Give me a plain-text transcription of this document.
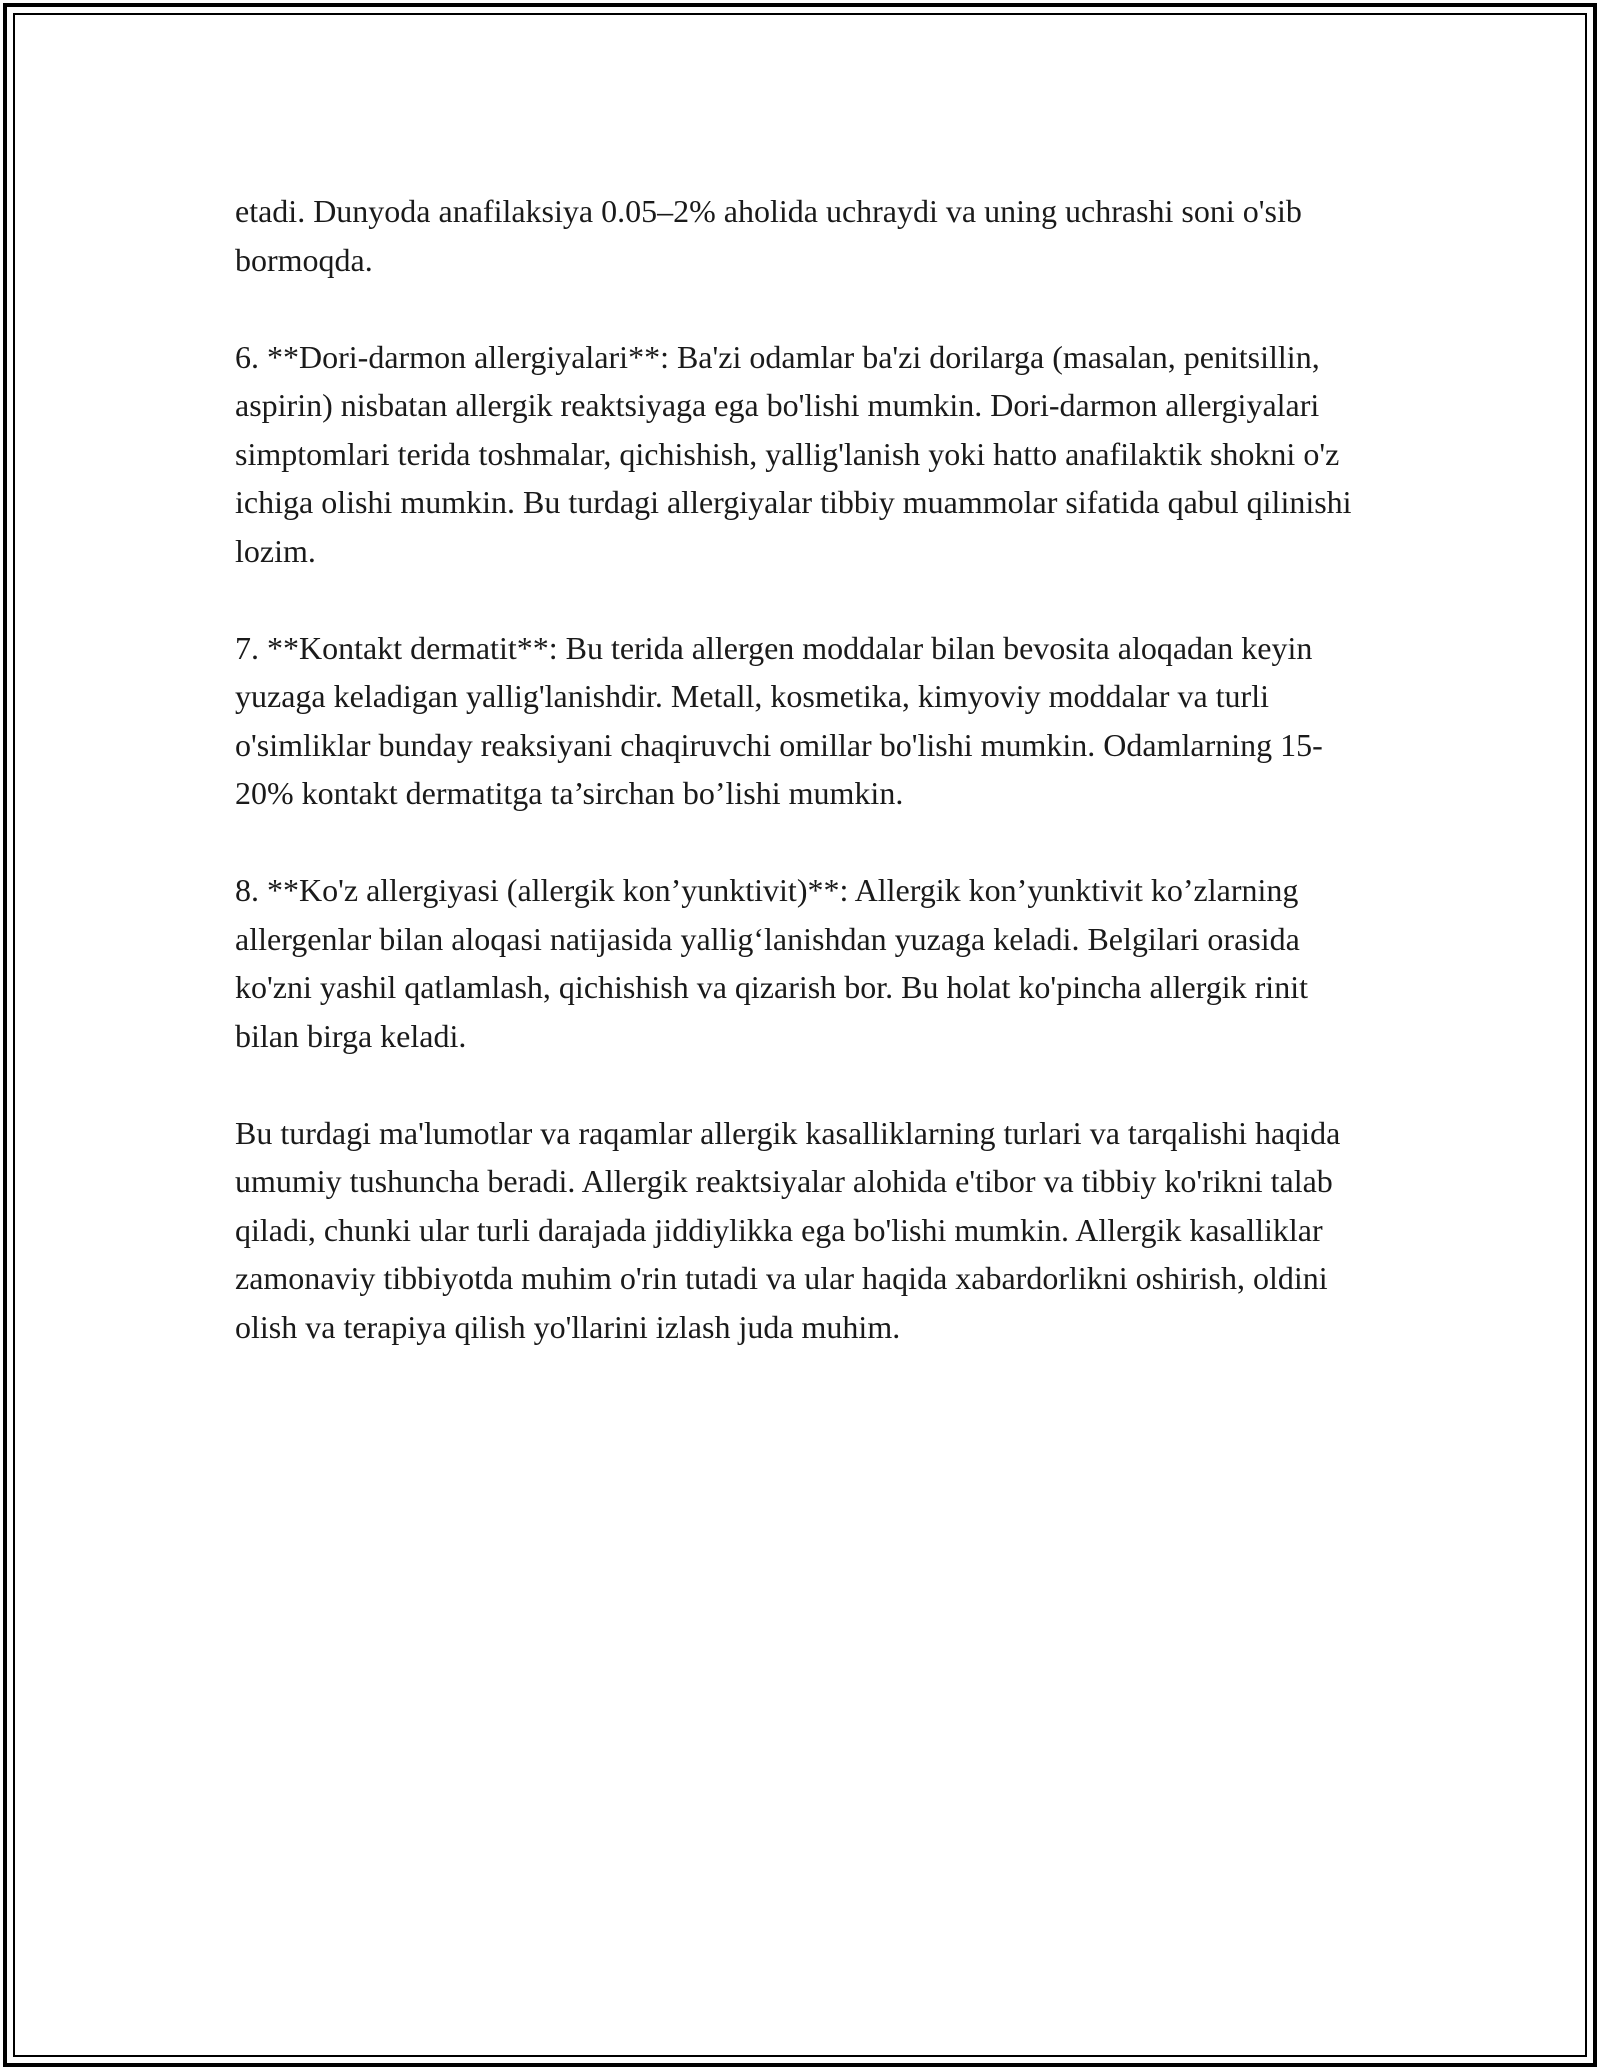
etadi. Dunyoda anafilaksiya 0.05–2% aholida uchraydi va uning uchrashi soni o'sib bormoqda.

6. **Dori-darmon allergiyalari**: Ba'zi odamlar ba'zi dorilarga (masalan, penitsillin, aspirin) nisbatan allergik reaktsiyaga ega bo'lishi mumkin. Dori-darmon allergiyalari simptomlari terida toshmalar, qichishish, yallig'lanish yoki hatto anafilaktik shokni o'z ichiga olishi mumkin. Bu turdagi allergiyalar tibbiy muammolar sifatida qabul qilinishi lozim.

7. **Kontakt dermatit**: Bu terida allergen moddalar bilan bevosita aloqadan keyin yuzaga keladigan yallig'lanishdir. Metall, kosmetika, kimyoviy moddalar va turli o'simliklar bunday reaksiyani chaqiruvchi omillar bo'lishi mumkin. Odamlarning 15-20% kontakt dermatitga ta’sirchan bo’lishi mumkin.

8. **Ko'z allergiyasi (allergik kon’yunktivit)**: Allergik kon’yunktivit ko’zlarning allergenlar bilan aloqasi natijasida yallig‘lanishdan yuzaga keladi. Belgilari orasida ko'zni yashil qatlamlash, qichishish va qizarish bor. Bu holat ko'pincha allergik rinit bilan birga keladi.

Bu turdagi ma'lumotlar va raqamlar allergik kasalliklarning turlari va tarqalishi haqida umumiy tushuncha beradi. Allergik reaktsiyalar alohida e'tibor va tibbiy ko'rikni talab qiladi, chunki ular turli darajada jiddiylikka ega bo'lishi mumkin. Allergik kasalliklar zamonaviy tibbiyotda muhim o'rin tutadi va ular haqida xabardorlikni oshirish, oldini olish va terapiya qilish yo'llarini izlash juda muhim.
